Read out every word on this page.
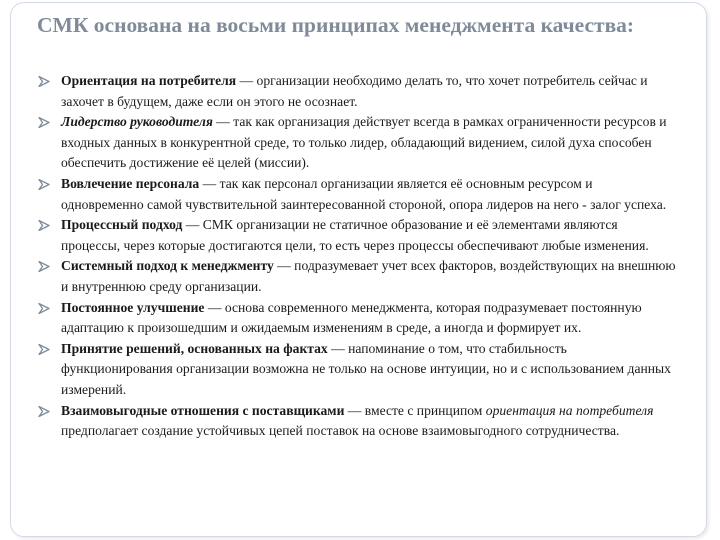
СМК основана на восьми принципах менеджмента качества:
Ориентация на потребителя — организации необходимо делать то, что хочет потребитель сейчас и захочет в будущем, даже если он этого не осознает.
Лидерство руководителя — так как организация действует всегда в рамках ограниченности ресурсов и входных данных в конкурентной среде, то только лидер, обладающий видением, силой духа способен обеспечить достижение её целей (миссии).
Вовлечение персонала — так как персонал организации является её основным ресурсом и одновременно самой чувствительной заинтересованной стороной, опора лидеров на него - залог успеха.
Процессный подход — СМК организации не статичное образование и её элементами являются процессы, через которые достигаются цели, то есть через процессы обеспечивают любые изменения.
Системный подход к менеджменту — подразумевает учет всех факторов, воздействующих на внешнюю и внутреннюю среду организации.
Постоянное улучшение — основа современного менеджмента, которая подразумевает постоянную адаптацию к произошедшим и ожидаемым изменениям в среде, а иногда и формирует их.
Принятие решений, основанных на фактах — напоминание о том, что стабильность функционирования организации возможна не только на основе интуиции, но и с использованием данных измерений.
Взаимовыгодные отношения с поставщиками — вместе с принципом ориентация на потребителя предполагает создание устойчивых цепей поставок на основе взаимовыгодного сотрудничества.
